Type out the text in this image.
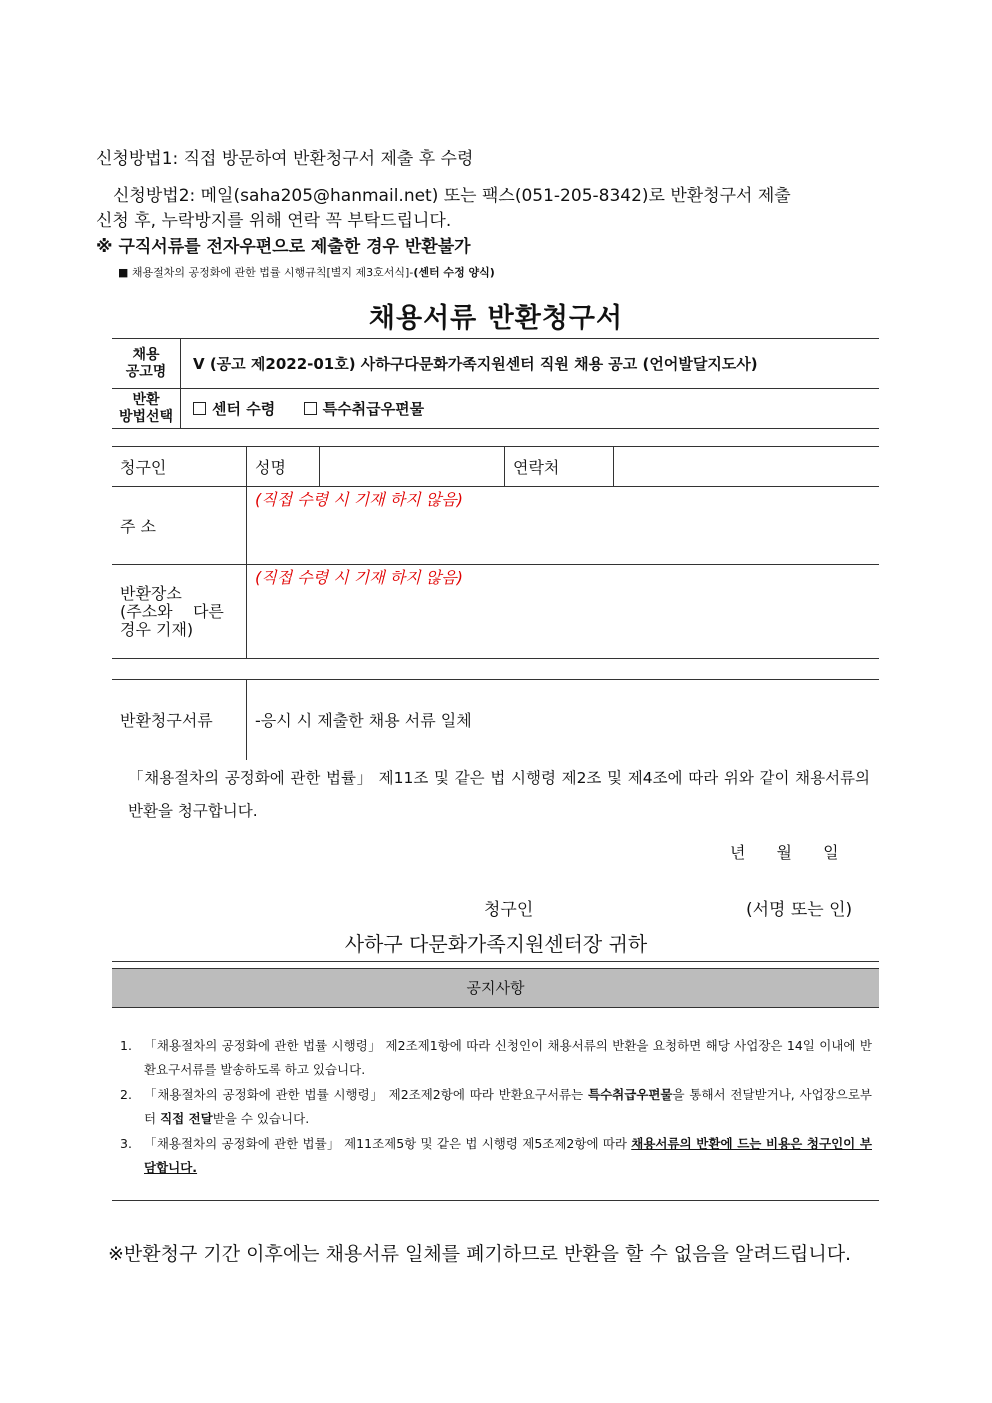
신청방법1: 직접 방문하여 반환청구서 제출 후 수령
신청방법2: 메일(saha205@hanmail.net) 또는 팩스(051-205-8342)로 반환청구서 제출
신청 후, 누락방지를 위해 연락 꼭 부탁드립니다.
※ 구직서류를 전자우편으로 제출한 경우 반환불가
■ 채용절차의 공정화에 관한 법률 시행규칙[별지 제3호서식]-(센터 수정 양식)
채용서류 반환청구서
채용
공고명	V (공고 제2022-01호) 사하구다문화가족지원센터 직원 채용 공고 (언어발달지도사)

반환
방법선택	센터 수령 특수취급우편물
청구인	성명		연락처	
주 소	(직접 수령 시 기재 하지 않음)			

반환장소
(주소와    다른
경우 기재)	(직접 수령 시 기재 하지 않음)			
반환청구서류	-응시 시 제출한 채용 서류 일체
「채용절차의 공정화에 관한 법률」 제11조 및 같은 법 시행령 제2조 및 제4조에 따라 위와 같이 채용서류의 반환을 청구합니다.
년 월 일
청구인	(서명 또는 인)
사하구 다문화가족지원센터장 귀하
공지사항
1. 「채용절차의 공정화에 관한 법률 시행령」 제2조제1항에 따라 신청인이 채용서류의 반환을 요청하면 해당 사업장은 14일 이내에 반환요구서류를 발송하도록 하고 있습니다.
2. 「채용절차의 공정화에 관한 법률 시행령」 제2조제2항에 따라 반환요구서류는 특수취급우편물을 통해서 전달받거나, 사업장으로부터 직접 전달받을 수 있습니다.
3. 「채용절차의 공정화에 관한 법률」 제11조제5항 및 같은 법 시행령 제5조제2항에 따라 채용서류의 반환에 드는 비용은 청구인이 부담합니다.
※반환청구 기간 이후에는 채용서류 일체를 폐기하므로 반환을 할 수 없음을 알려드립니다.
